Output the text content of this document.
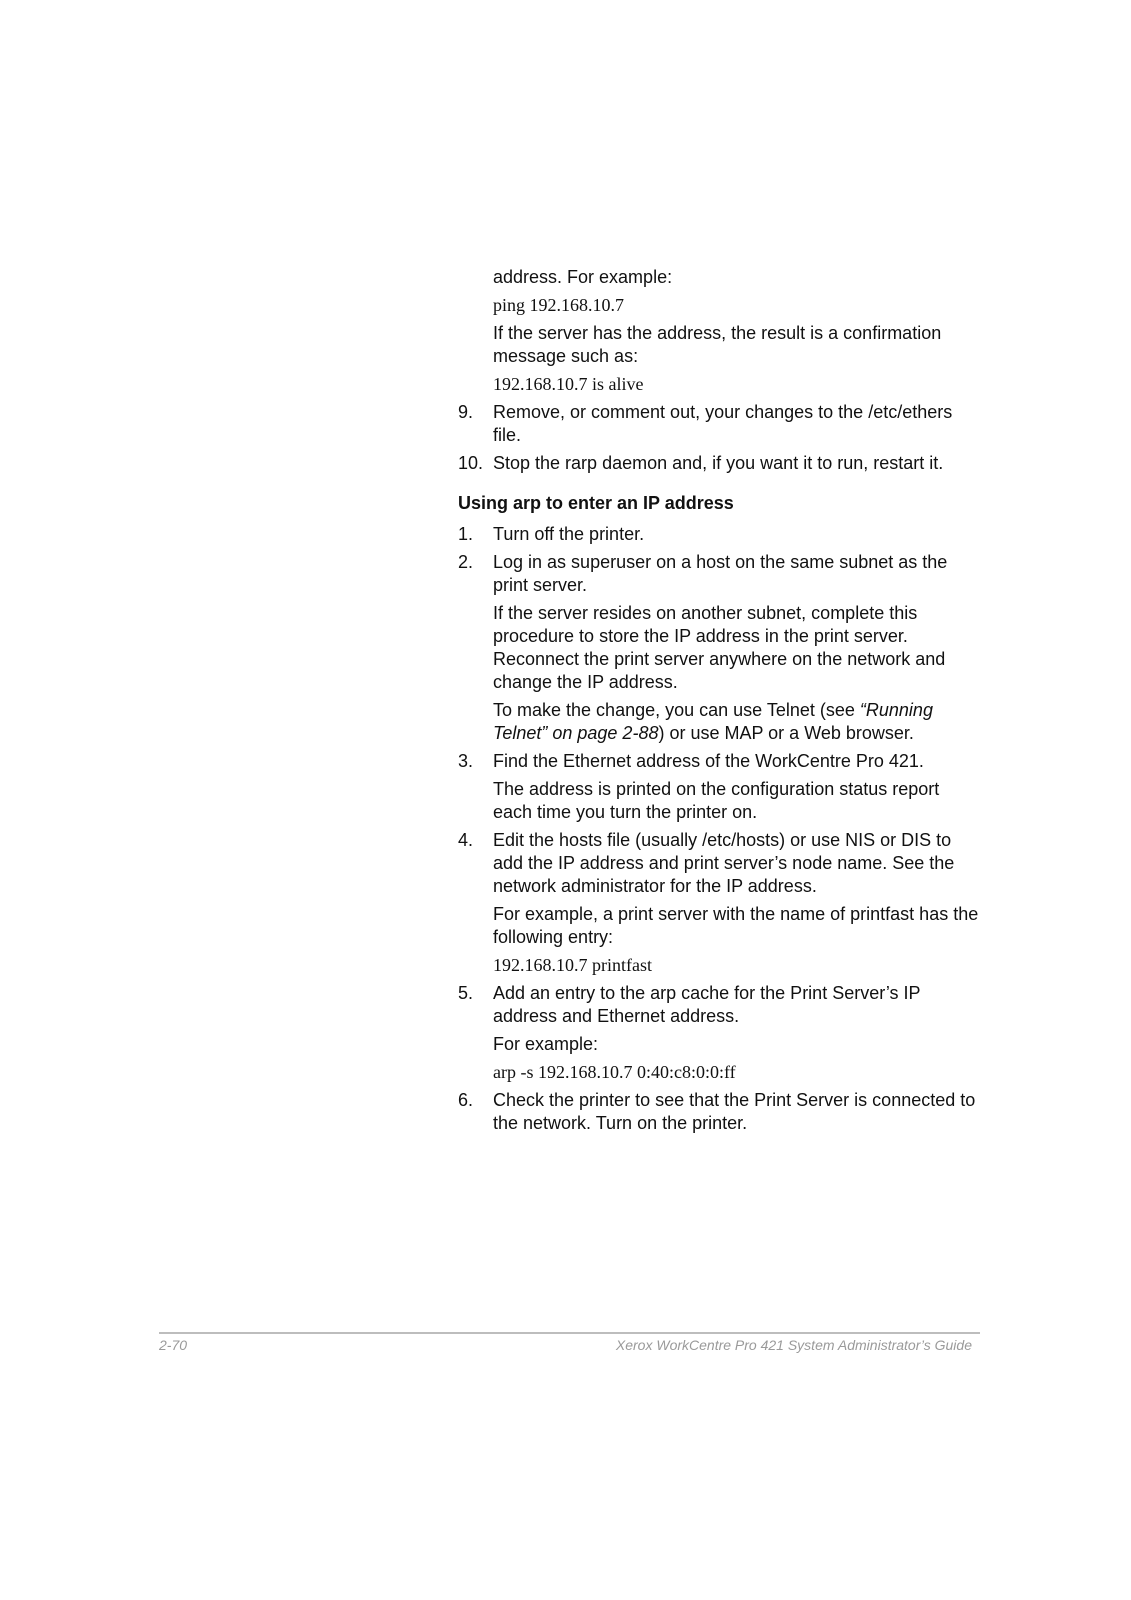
address. For example:

ping 192.168.10.7

If the server has the address, the result is a confirmation message such as:

192.168.10.7 is alive

9.	Remove, or comment out, your changes to the /etc/ethers file.
10. Stop the rarp daemon and, if you want it to run, restart it.
Using arp to enter an IP address
1.	Turn off the printer.
2.	Log in as superuser on a host on the same subnet as the print server.

If the server resides on another subnet, complete this procedure to store the IP address in the print server. Reconnect the print server anywhere on the network and change the IP address.

To make the change, you can use Telnet (see “Running Telnet” on page 2-88) or use MAP or a Web browser.

3.	Find the Ethernet address of the WorkCentre Pro 421.

The address is printed on the configuration status report each time you turn the printer on.

4.	Edit the hosts file (usually /etc/hosts) or use NIS or DIS to add the IP address and print server’s node name. See the network administrator for the IP address.

For example, a print server with the name of printfast has the following entry:

192.168.10.7 printfast

5.	Add an entry to the arp cache for the Print Server’s IP address and Ethernet address.

For example:

arp -s 192.168.10.7 0:40:c8:0:0:ff

6.	Check the printer to see that the Print Server is connected to the network. Turn on the printer.
2-70	Xerox WorkCentre Pro 421 System Administrator’s Guide
